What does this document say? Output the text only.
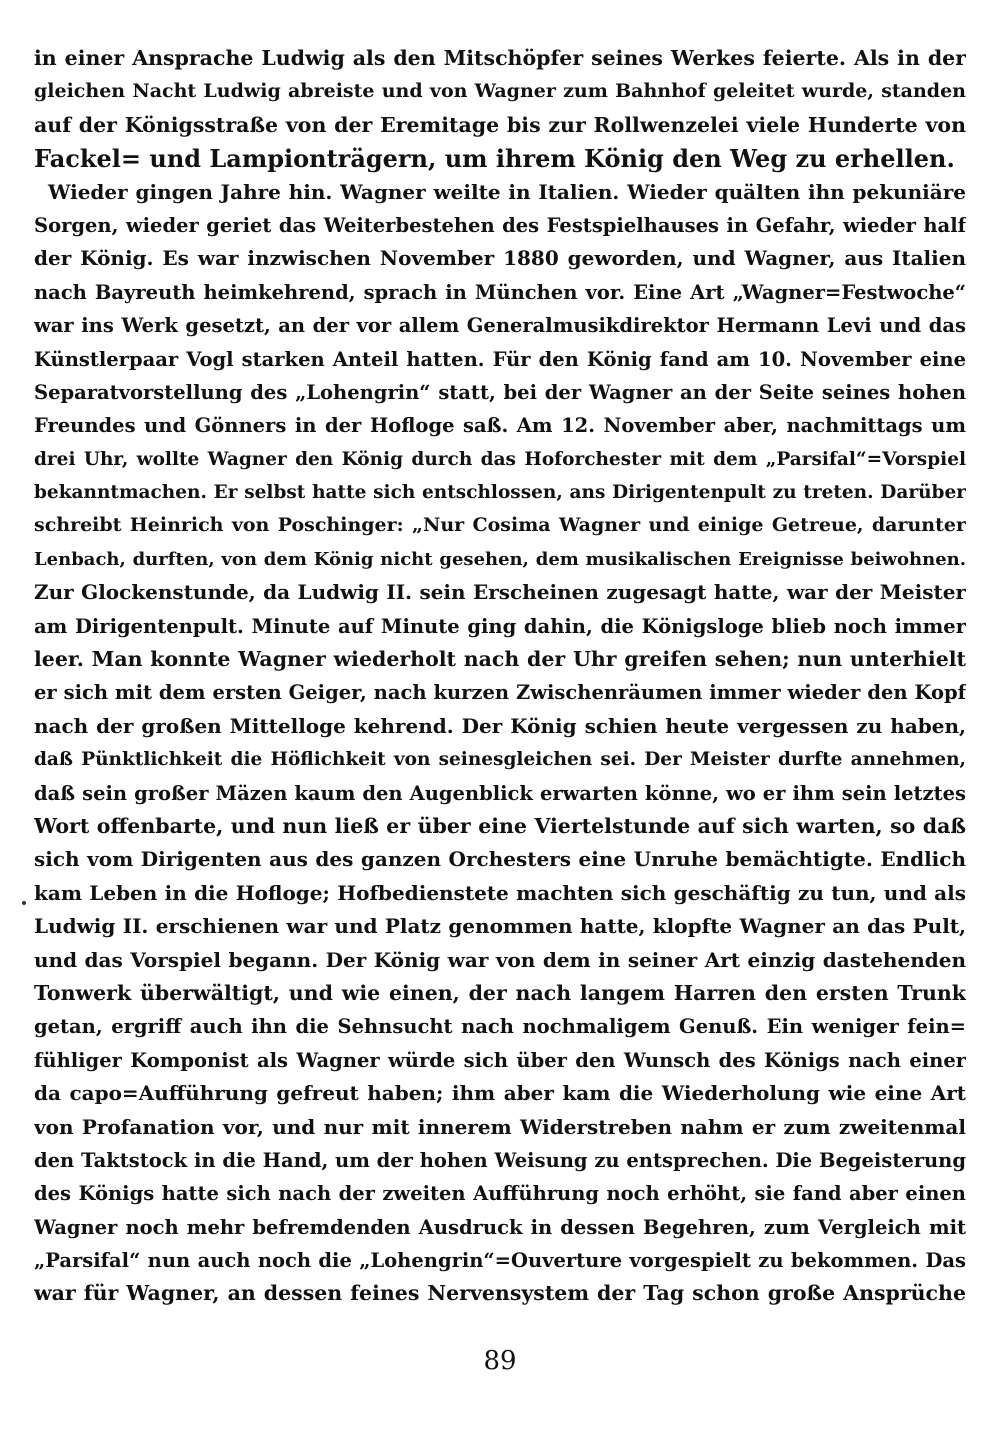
in einer Ansprache Ludwig als den Mitschöpfer seines Werkes feierte. Als in der
gleichen Nacht Ludwig abreiste und von Wagner zum Bahnhof geleitet wurde, standen
auf der Königsstraße von der Eremitage bis zur Rollwenzelei viele Hunderte von
Fackel= und Lampionträgern, um ihrem König den Weg zu erhellen.
Wieder gingen Jahre hin. Wagner weilte in Italien. Wieder quälten ihn pekuniäre
Sorgen, wieder geriet das Weiterbestehen des Festspielhauses in Gefahr, wieder half
der König. Es war inzwischen November 1880 geworden, und Wagner, aus Italien
nach Bayreuth heimkehrend, sprach in München vor. Eine Art „Wagner=Festwoche“
war ins Werk gesetzt, an der vor allem Generalmusikdirektor Hermann Levi und das
Künstlerpaar Vogl starken Anteil hatten. Für den König fand am 10. November eine
Separatvorstellung des „Lohengrin“ statt, bei der Wagner an der Seite seines hohen
Freundes und Gönners in der Hofloge saß. Am 12. November aber, nachmittags um
drei Uhr, wollte Wagner den König durch das Hoforchester mit dem „Parsifal“=Vorspiel
bekanntmachen. Er selbst hatte sich entschlossen, ans Dirigentenpult zu treten. Darüber
schreibt Heinrich von Poschinger: „Nur Cosima Wagner und einige Getreue, darunter
Lenbach, durften, von dem König nicht gesehen, dem musikalischen Ereignisse beiwohnen.
Zur Glockenstunde, da Ludwig II. sein Erscheinen zugesagt hatte, war der Meister
am Dirigentenpult. Minute auf Minute ging dahin, die Königsloge blieb noch immer
leer. Man konnte Wagner wiederholt nach der Uhr greifen sehen; nun unterhielt
er sich mit dem ersten Geiger, nach kurzen Zwischenräumen immer wieder den Kopf
nach der großen Mittelloge kehrend. Der König schien heute vergessen zu haben,
daß Pünktlichkeit die Höflichkeit von seinesgleichen sei. Der Meister durfte annehmen,
daß sein großer Mäzen kaum den Augenblick erwarten könne, wo er ihm sein letztes
Wort offenbarte, und nun ließ er über eine Viertelstunde auf sich warten, so daß
sich vom Dirigenten aus des ganzen Orchesters eine Unruhe bemächtigte. Endlich
kam Leben in die Hofloge; Hofbedienstete machten sich geschäftig zu tun, und als
Ludwig II. erschienen war und Platz genommen hatte, klopfte Wagner an das Pult,
und das Vorspiel begann. Der König war von dem in seiner Art einzig dastehenden
Tonwerk überwältigt, und wie einen, der nach langem Harren den ersten Trunk
getan, ergriff auch ihn die Sehnsucht nach nochmaligem Genuß. Ein weniger fein=
fühliger Komponist als Wagner würde sich über den Wunsch des Königs nach einer
da capo=Aufführung gefreut haben; ihm aber kam die Wiederholung wie eine Art
von Profanation vor, und nur mit innerem Widerstreben nahm er zum zweitenmal
den Taktstock in die Hand, um der hohen Weisung zu entsprechen. Die Begeisterung
des Königs hatte sich nach der zweiten Aufführung noch erhöht, sie fand aber einen
Wagner noch mehr befremdenden Ausdruck in dessen Begehren, zum Vergleich mit
„Parsifal“ nun auch noch die „Lohengrin“=Ouverture vorgespielt zu bekommen. Das
war für Wagner, an dessen feines Nervensystem der Tag schon große Ansprüche
89
